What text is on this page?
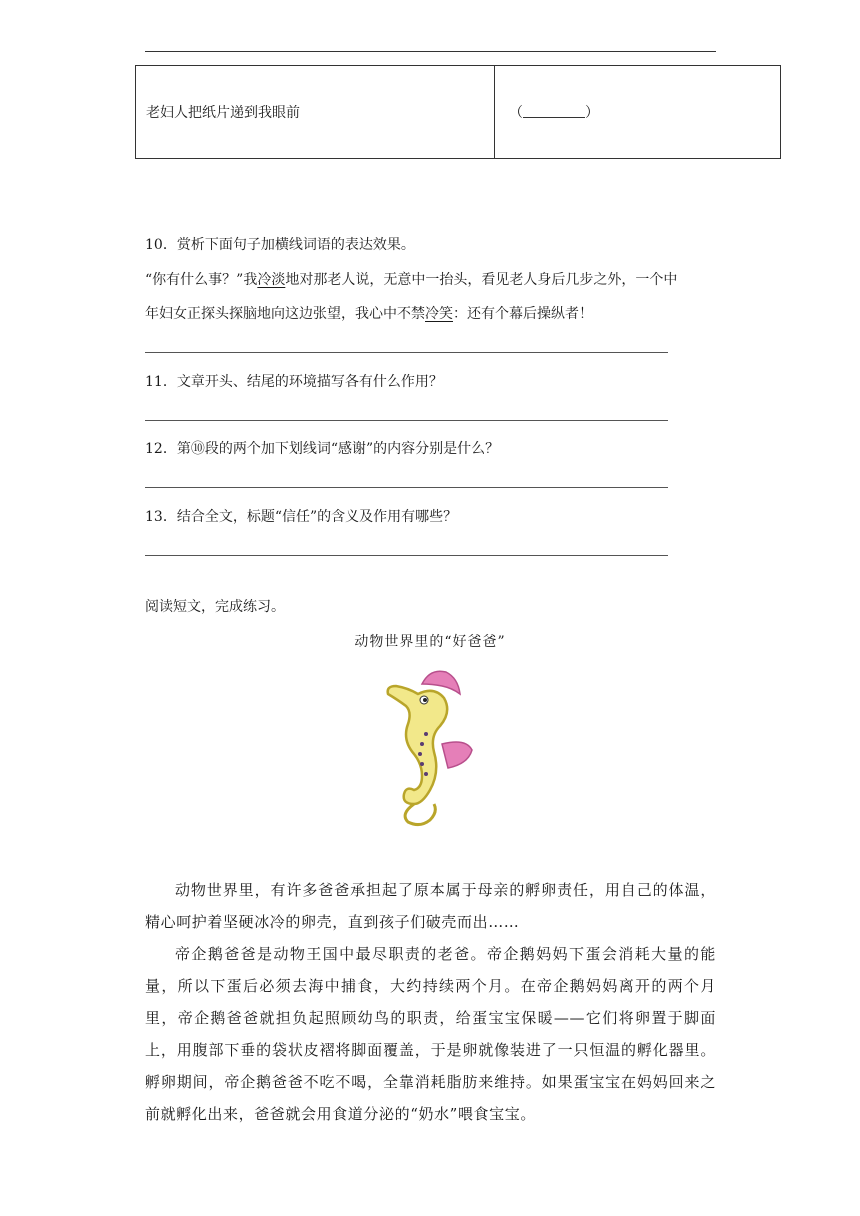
老妇人把纸片递到我眼前	（	）
10．赏析下面句子加横线词语的表达效果。
“你有什么事？”我冷淡地对那老人说，无意中一抬头，看见老人身后几步之外，一个中
年妇女正探头探脑地向这边张望，我心中不禁冷笑：还有个幕后操纵者！
11．文章开头、结尾的环境描写各有什么作用？
12．第⑩段的两个加下划线词“感谢”的内容分别是什么？
13．结合全文，标题“信任”的含义及作用有哪些？
阅读短文，完成练习。
动物世界里的“好爸爸”

动物世界里，有许多爸爸承担起了原本属于母亲的孵卵责任，用自己的体温，精心呵护着坚硬冰冷的卵壳，直到孩子们破壳而出……

帝企鹅爸爸是动物王国中最尽职责的老爸。帝企鹅妈妈下蛋会消耗大量的能量，所以下蛋后必须去海中捕食，大约持续两个月。在帝企鹅妈妈离开的两个月里，帝企鹅爸爸就担负起照顾幼鸟的职责，给蛋宝宝保暖——它们将卵置于脚面上，用腹部下垂的袋状皮褶将脚面覆盖，于是卵就像装进了一只恒温的孵化器里。孵卵期间，帝企鹅爸爸不吃不喝，全靠消耗脂肪来维持。如果蛋宝宝在妈妈回来之前就孵化出来，爸爸就会用食道分泌的“奶水”喂食宝宝。
